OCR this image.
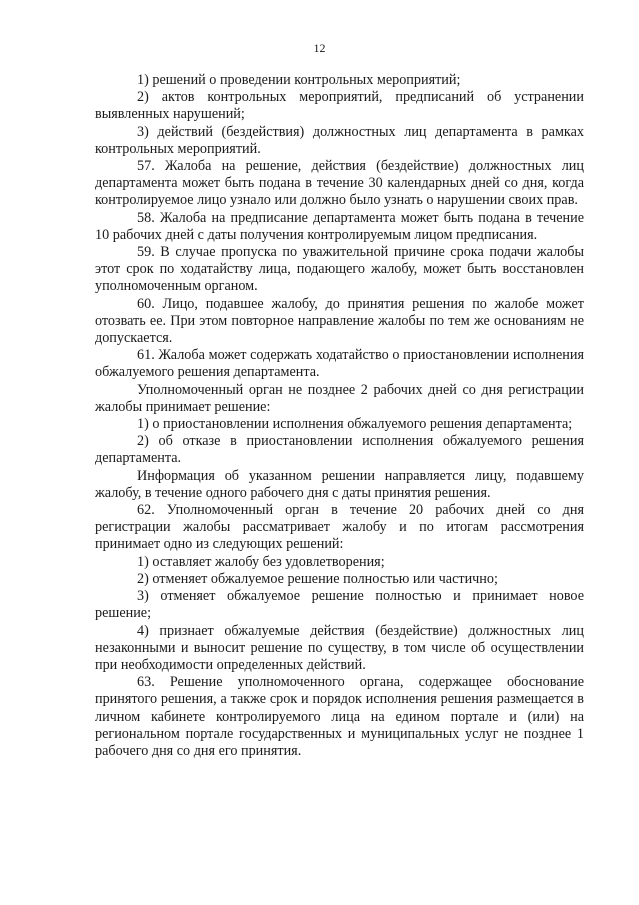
12

1) решений о проведении контрольных мероприятий;

2) актов контрольных мероприятий, предписаний об устранении выявленных нарушений;

3) действий (бездействия) должностных лиц департамента в рамках контрольных мероприятий.

57. Жалоба на решение, действия (бездействие) должностных лиц департамента может быть подана в течение 30 календарных дней со дня, когда контролируемое лицо узнало или должно было узнать о нарушении своих прав.

58. Жалоба на предписание департамента может быть подана в течение 10 рабочих дней с даты получения контролируемым лицом предписания.

59. В случае пропуска по уважительной причине срока подачи жалобы этот срок по ходатайству лица, подающего жалобу, может быть восстановлен уполномоченным органом.

60. Лицо, подавшее жалобу, до принятия решения по жалобе может отозвать ее. При этом повторное направление жалобы по тем же основаниям не допускается.

61. Жалоба может содержать ходатайство о приостановлении исполнения обжалуемого решения департамента.

Уполномоченный орган не позднее 2 рабочих дней со дня регистрации жалобы принимает решение:

1) о приостановлении исполнения обжалуемого решения департамента;

2) об отказе в приостановлении исполнения обжалуемого решения департамента.

Информация об указанном решении направляется лицу, подавшему жалобу, в течение одного рабочего дня с даты принятия решения.

62. Уполномоченный орган в течение 20 рабочих дней со дня регистрации жалобы рассматривает жалобу и по итогам рассмотрения принимает одно из следующих решений:

1) оставляет жалобу без удовлетворения;

2) отменяет обжалуемое решение полностью или частично;

3) отменяет обжалуемое решение полностью и принимает новое решение;

4) признает обжалуемые действия (бездействие) должностных лиц незаконными и выносит решение по существу, в том числе об осуществлении при необходимости определенных действий.

63. Решение уполномоченного органа, содержащее обоснование принятого решения, а также срок и порядок исполнения решения размещается в личном кабинете контролируемого лица на едином портале и (или) на региональном портале государственных и муниципальных услуг не позднее 1 рабочего дня со дня его принятия.
